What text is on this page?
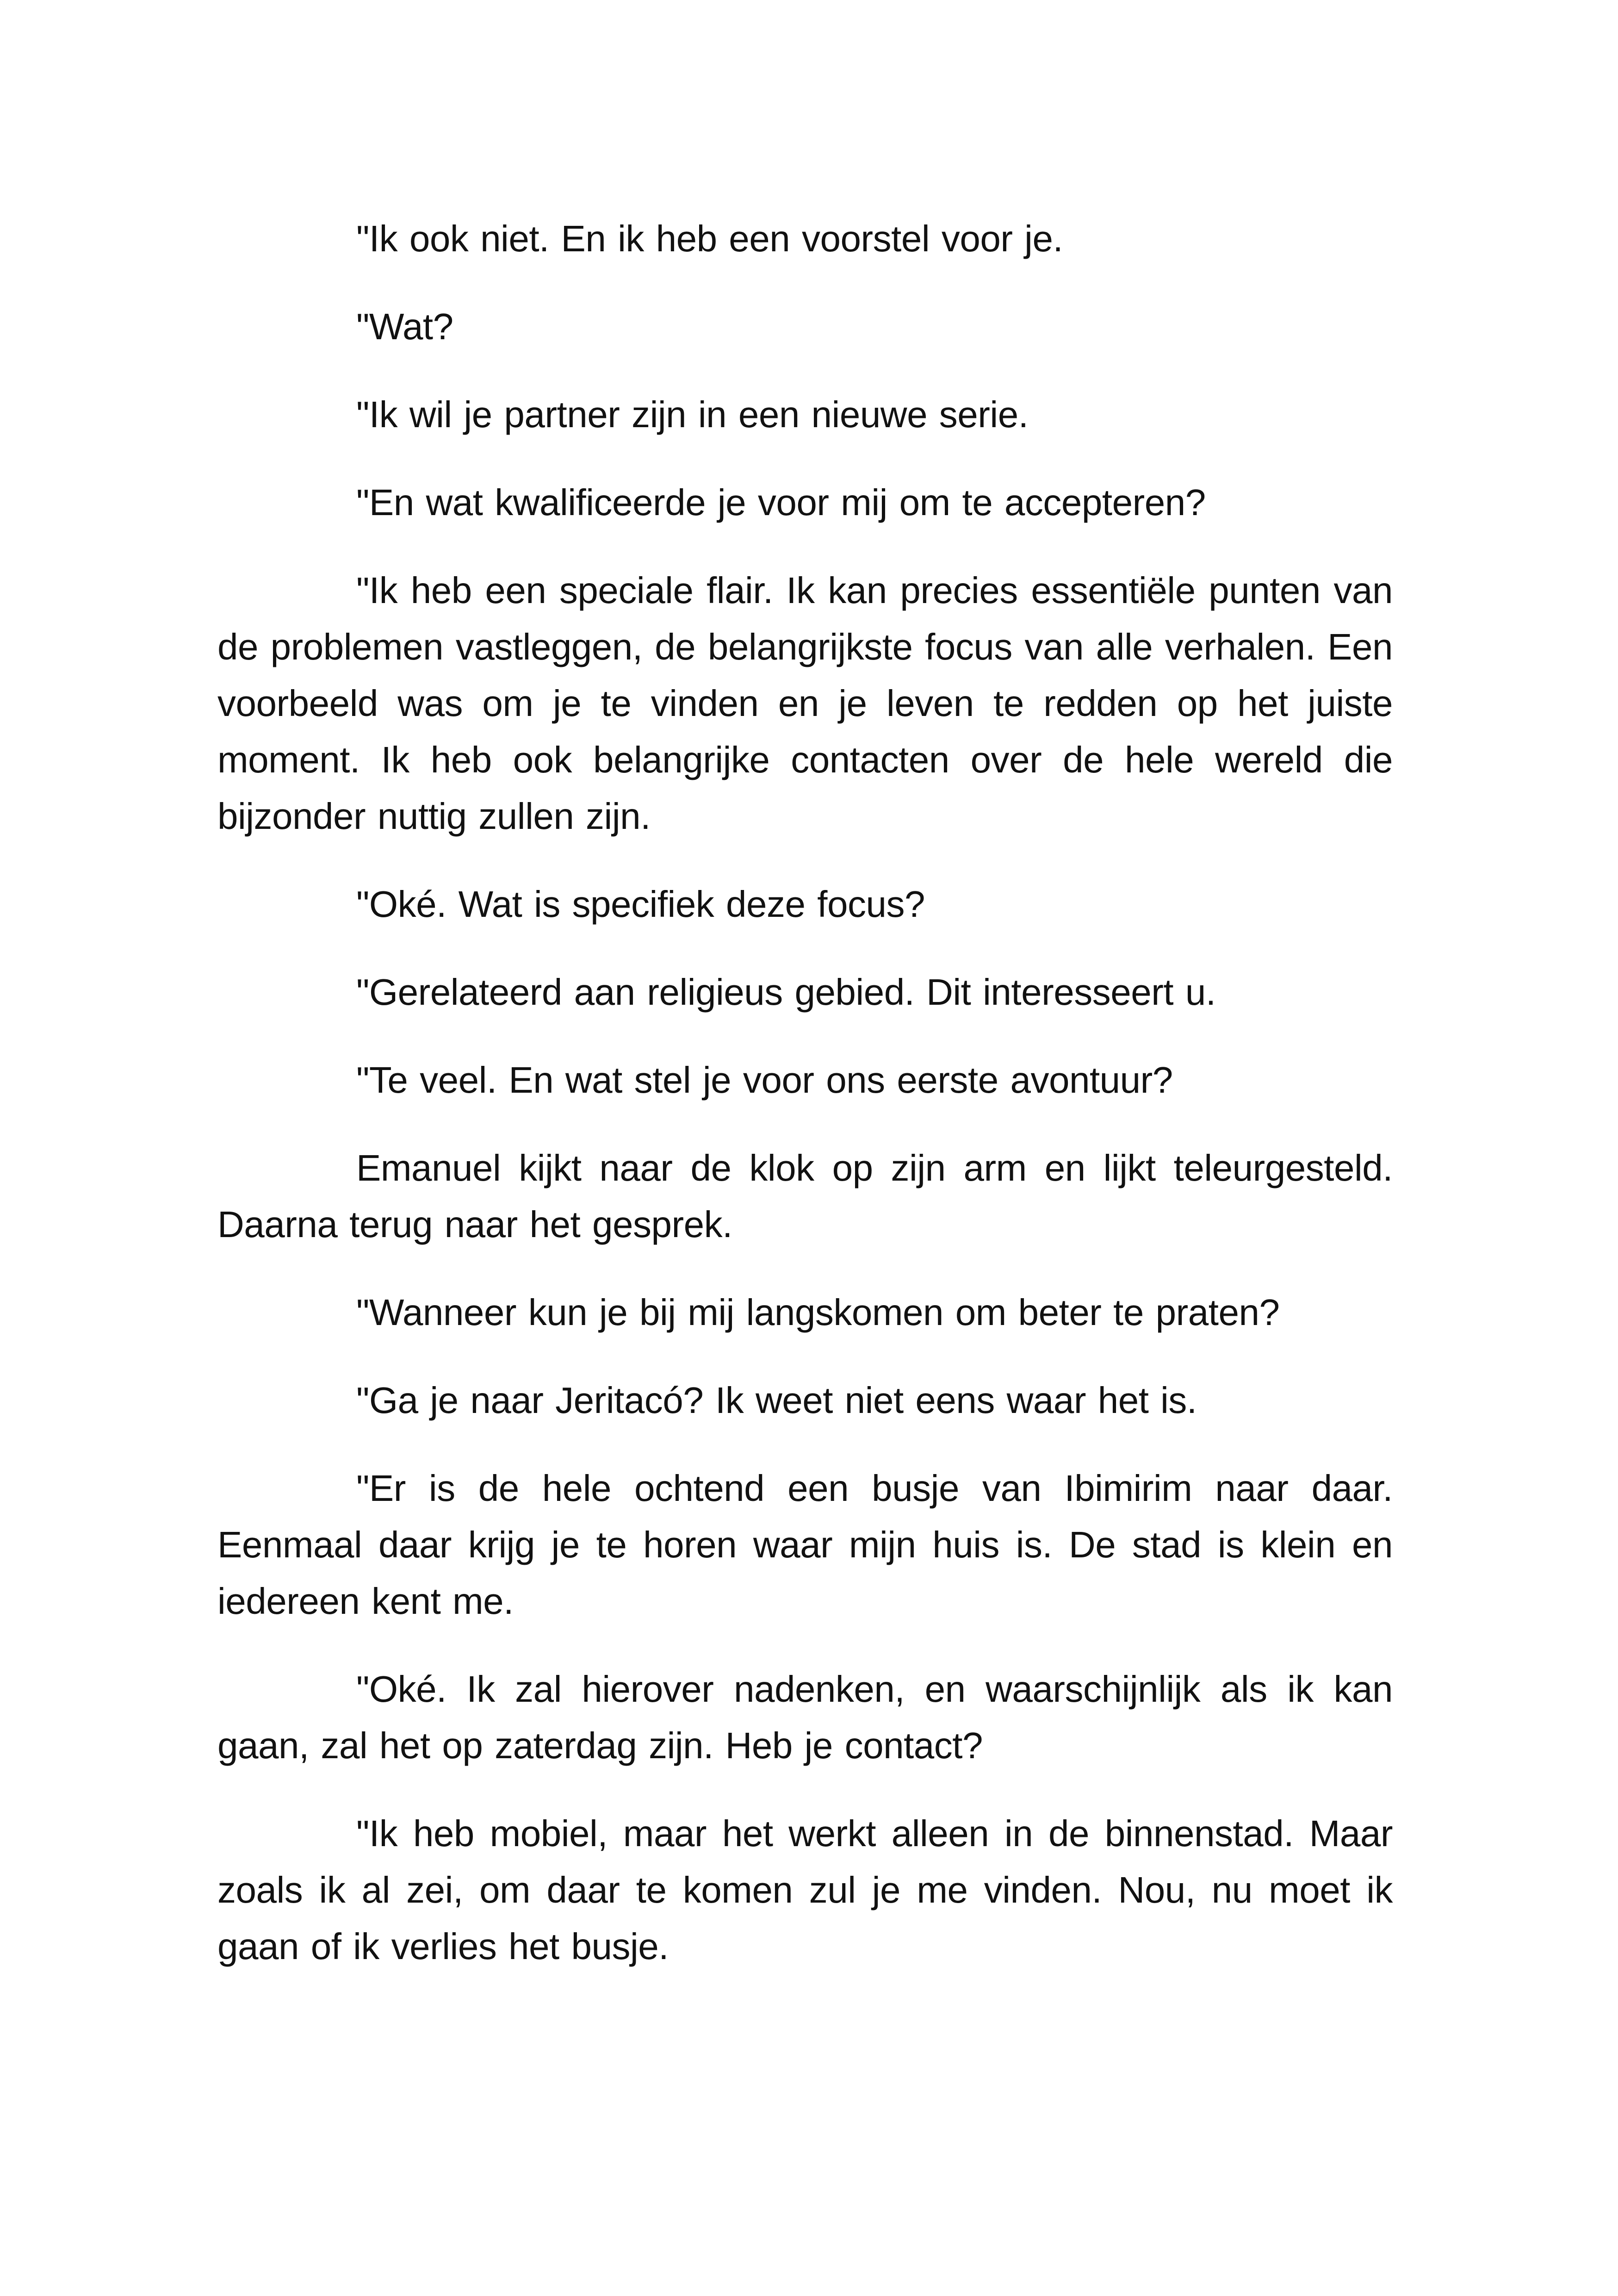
"Ik ook niet. En ik heb een voorstel voor je.

"Wat?

"Ik wil je partner zijn in een nieuwe serie.

"En wat kwalificeerde je voor mij om te accepteren?

"Ik heb een speciale flair. Ik kan precies essentiële punten van de problemen vastleggen, de belangrijkste focus van alle verhalen. Een voorbeeld was om je te vinden en je leven te redden op het juiste moment. Ik heb ook belangrijke contacten over de hele wereld die bijzonder nuttig zullen zijn.

"Oké. Wat is specifiek deze focus?

"Gerelateerd aan religieus gebied. Dit interesseert u.

"Te veel. En wat stel je voor ons eerste avontuur?

Emanuel kijkt naar de klok op zijn arm en lijkt teleurgesteld. Daarna terug naar het gesprek.

"Wanneer kun je bij mij langskomen om beter te praten?

"Ga je naar Jeritacó? Ik weet niet eens waar het is.

"Er is de hele ochtend een busje van Ibimirim naar daar. Eenmaal daar krijg je te horen waar mijn huis is. De stad is klein en iedereen kent me.

"Oké. Ik zal hierover nadenken, en waarschijnlijk als ik kan gaan, zal het op zaterdag zijn. Heb je contact?

"Ik heb mobiel, maar het werkt alleen in de binnenstad. Maar zoals ik al zei, om daar te komen zul je me vinden. Nou, nu moet ik gaan of ik verlies het busje.
